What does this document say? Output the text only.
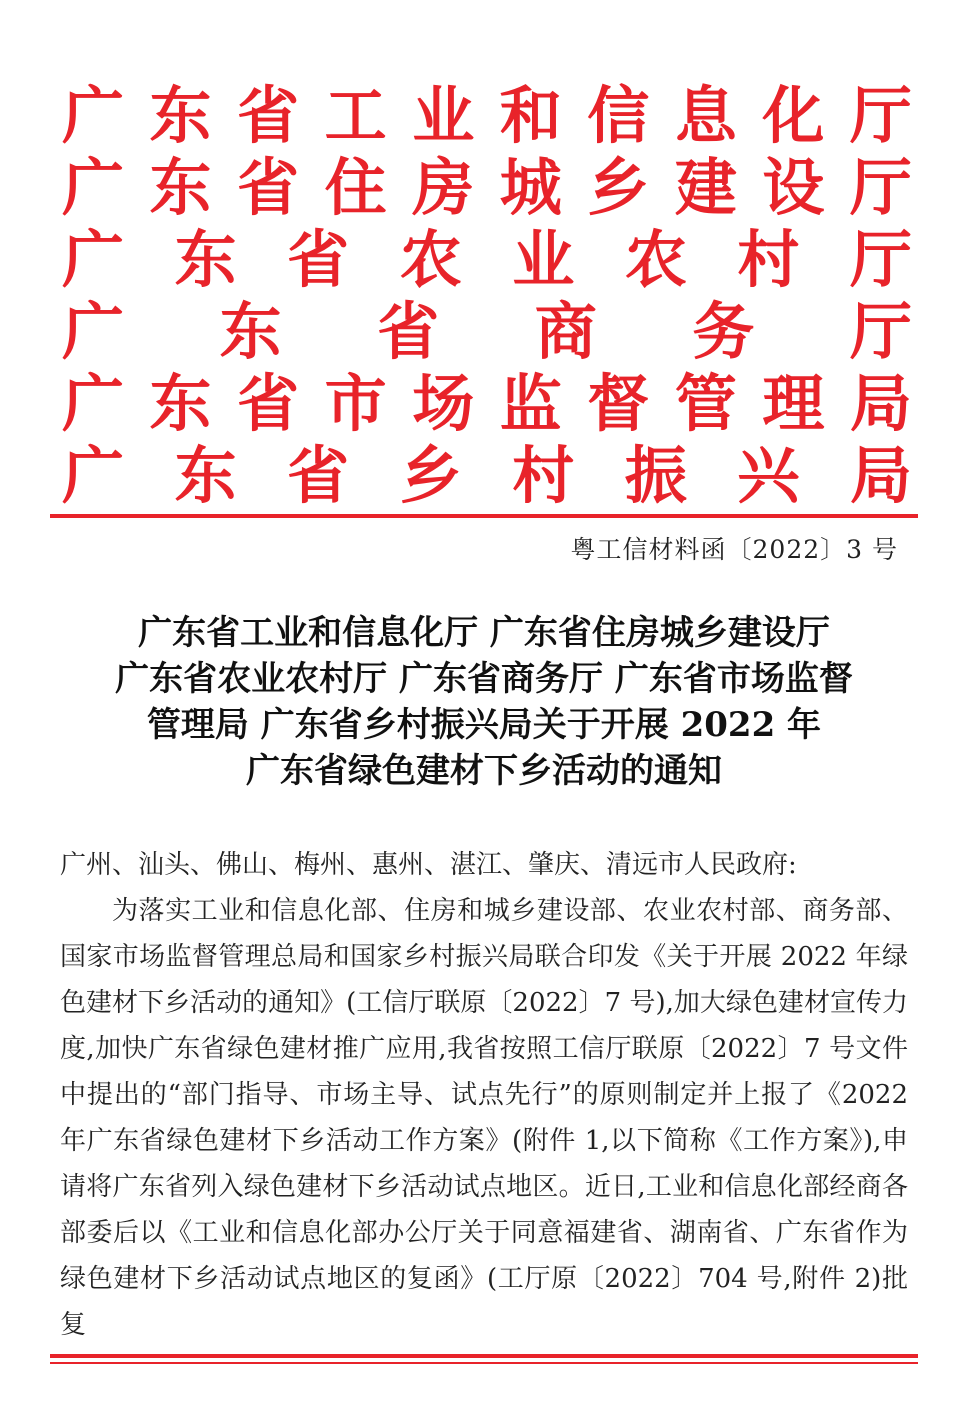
广 东 省 工 业 和 信 息 化 厅
广 东 省 住 房 城 乡 建 设 厅
广 东 省 农 业 农 村 厅
广 东 省 商 务 厅
广 东 省 市 场 监 督 管 理 局
广 东 省 乡 村 振 兴 局
粤工信材料函〔2022〕3 号
广东省工业和信息化厅 广东省住房城乡建设厅
广东省农业农村厅 广东省商务厅 广东省市场监督
管理局 广东省乡村振兴局关于开展 2022 年
广东省绿色建材下乡活动的通知

广州、汕头、佛山、梅州、惠州、湛江、肇庆、清远市人民政府:

为落实工业和信息化部、住房和城乡建设部、农业农村部、商务部、国家市场监督管理总局和国家乡村振兴局联合印发《关于开展 2022 年绿色建材下乡活动的通知》(工信厅联原〔2022〕7 号),加大绿色建材宣传力度,加快广东省绿色建材推广应用,我省按照工信厅联原〔2022〕7 号文件中提出的“部门指导、市场主导、试点先行”的原则制定并上报了《2022 年广东省绿色建材下乡活动工作方案》(附件 1,以下简称《工作方案》),申请将广东省列入绿色建材下乡活动试点地区。近日,工业和信息化部经商各部委后以《工业和信息化部办公厅关于同意福建省、湖南省、广东省作为绿色建材下乡活动试点地区的复函》(工厅原〔2022〕704 号,附件 2)批复
